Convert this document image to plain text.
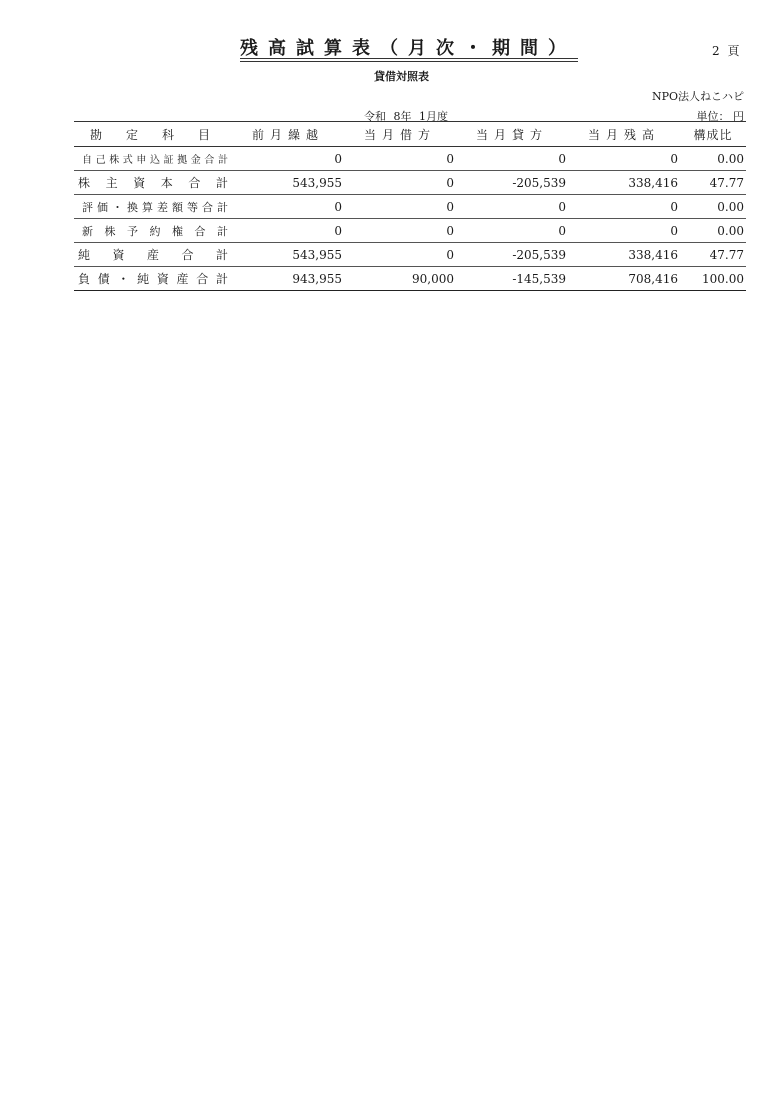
残高試算表（月次・期間）	2 頁
貸借対照表
NPO法人ねこハピ
令和 8年 1月度	単位： 円
勘　定　科　目	前月繰越	当月借方	当月貸方	当月残高	構成比
自己株式申込証拠金合計	0	0	0	0	0.00
株主資本合計	543,955	0	-205,539	338,416	47.77
評価・換算差額等合計	0	0	0	0	0.00
新株予約権合計	0	0	0	0	0.00
純資産合計	543,955	0	-205,539	338,416	47.77
負債・純資産合計	943,955	90,000	-145,539	708,416	100.00
